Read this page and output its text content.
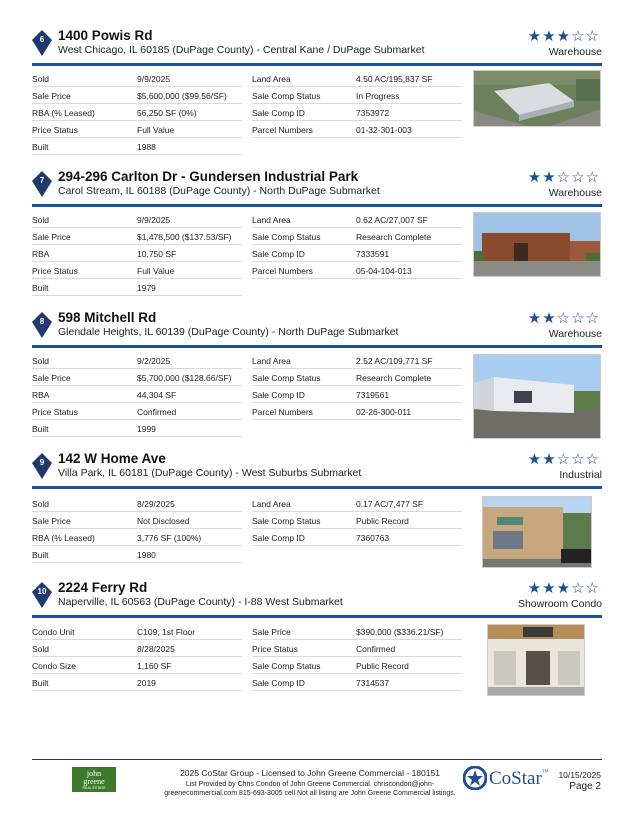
6	1400 Powis Rd
West Chicago, IL 60185 (DuPage County) - Central Kane / DuPage Submarket
★★★☆☆
Warehouse
Sold	9/9/2025
Sale Price	$5,600,000 ($99.56/SF)
RBA (% Leased)	56,250 SF (0%)
Price Status	Full Value
Built	1988
Land Area	4.50 AC/195,837 SF
Sale Comp Status	In Progress
Sale Comp ID	7353972
Parcel Numbers	01-32-301-003
7	294-296 Carlton Dr - Gundersen Industrial Park
Carol Stream, IL 60188 (DuPage County) - North DuPage Submarket
★★☆☆☆
Warehouse
Sold	9/9/2025
Sale Price	$1,478,500 ($137.53/SF)
RBA	10,750 SF
Price Status	Full Value
Built	1979
Land Area	0.62 AC/27,007 SF
Sale Comp Status	Research Complete
Sale Comp ID	7333591
Parcel Numbers	05-04-104-013
8	598 Mitchell Rd
Glendale Heights, IL 60139 (DuPage County) - North DuPage Submarket
★★☆☆☆
Warehouse
Sold	9/2/2025
Sale Price	$5,700,000 ($128.66/SF)
RBA	44,304 SF
Price Status	Confirmed
Built	1999
Land Area	2.52 AC/109,771 SF
Sale Comp Status	Research Complete
Sale Comp ID	7319561
Parcel Numbers	02-26-300-011
9	142 W Home Ave
Villa Park, IL 60181 (DuPage County) - West Suburbs Submarket
★★☆☆☆
Industrial
Sold	8/29/2025
Sale Price	Not Disclosed
RBA (% Leased)	3,776 SF (100%)
Built	1980
Land Area	0.17 AC/7,477 SF
Sale Comp Status	Public Record
Sale Comp ID	7360763
10 2224 Ferry Rd
Naperville, IL 60563 (DuPage County) - I-88 West Submarket
★★★☆☆
Showroom Condo
Condo Unit	C109, 1st Floor
Sold	8/28/2025
Condo Size	1,160 SF
Built	2019
Sale Price	$390,000 ($336.21/SF)
Price Status	Confirmed
Sale Comp Status	Public Record
Sale Comp ID	7314537
john
greene
REAL ESTATE
2025 CoStar Group - Licensed to John Greene Commercial - 180151
List Provided by Chris Condon of John Greene Commercial. chriscondon@john-greenecommercial.com 815-693-3005 cell Not all listing are John Greene Commercial listings.
CoStar™ 10/15/2025
Page 2
